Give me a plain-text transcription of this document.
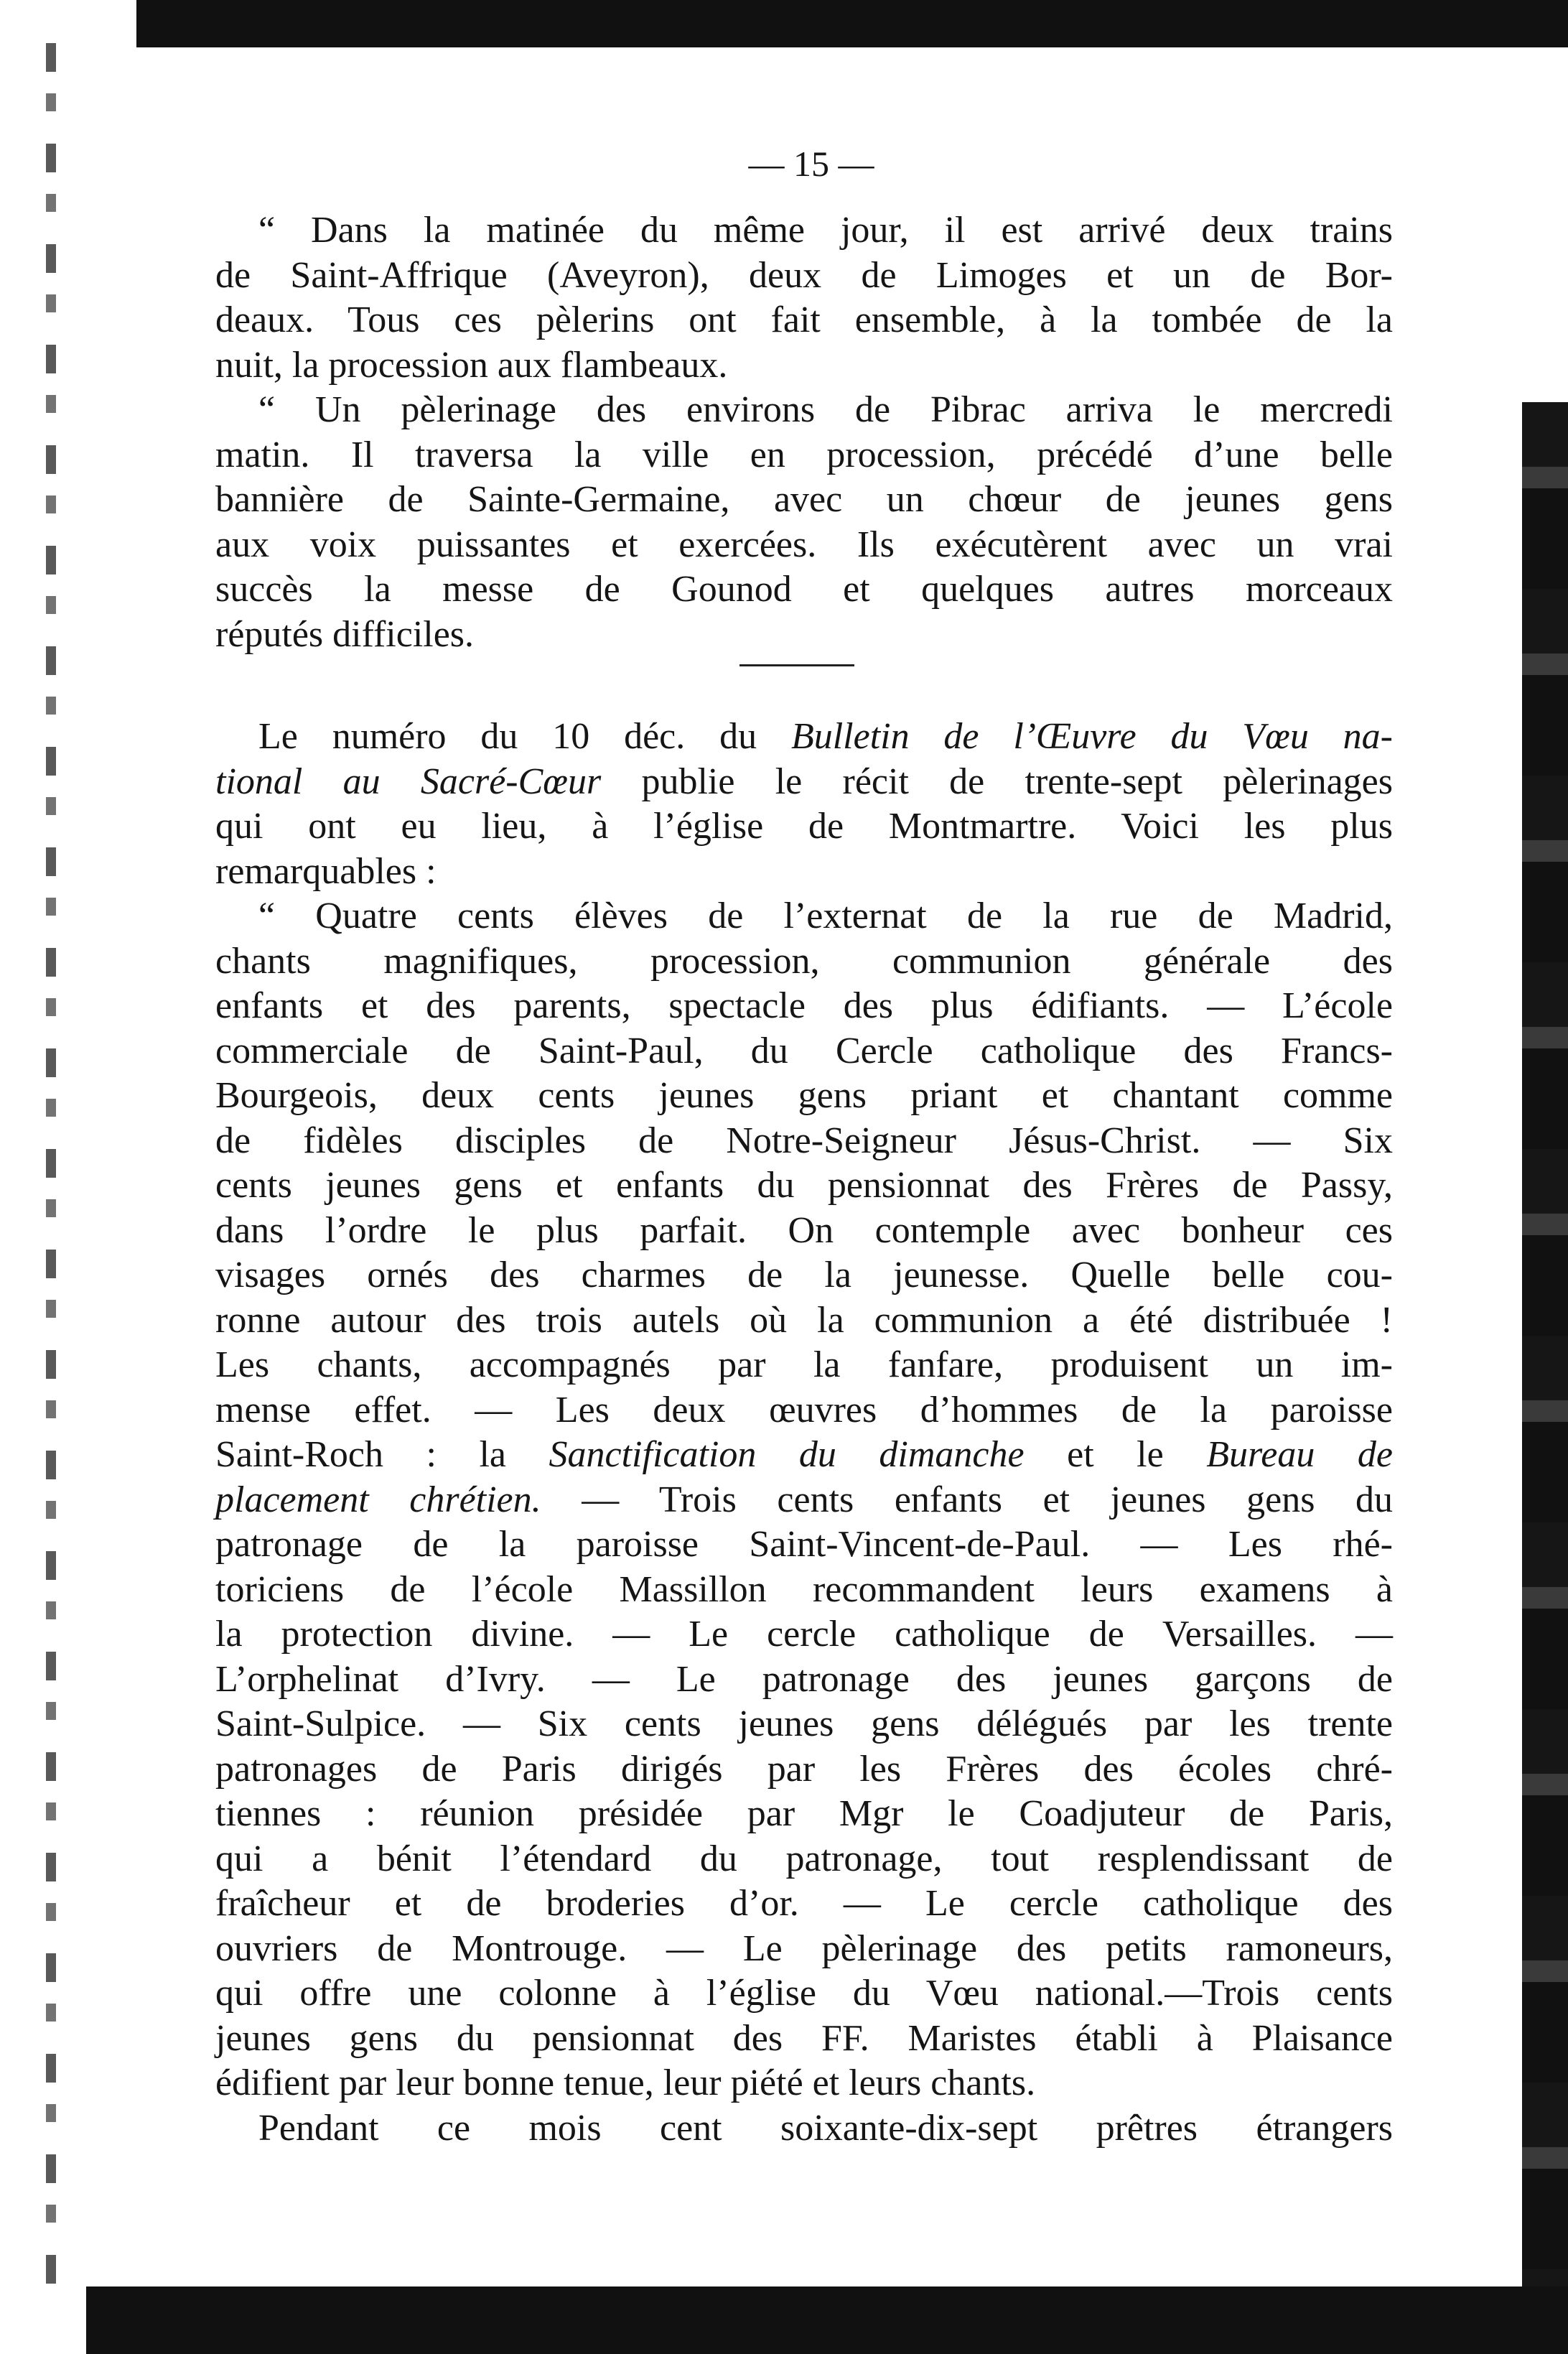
— 15 —
“ Dans la matinée du même jour, il est arrivé deux trains
de Saint-Affrique (Aveyron), deux de Limoges et un de Bor-
deaux. Tous ces pèlerins ont fait ensemble, à la tombée de la
nuit, la procession aux flambeaux.
“ Un pèlerinage des environs de Pibrac arriva le mercredi
matin. Il traversa la ville en procession, précédé d’une belle
bannière de Sainte-Germaine, avec un chœur de jeunes gens
aux voix puissantes et exercées. Ils exécutèrent avec un vrai
succès la messe de Gounod et quelques autres morceaux
réputés difficiles.
Le numéro du 10 déc. du Bulletin de l’Œuvre du Vœu na-
tional au Sacré-Cœur publie le récit de trente-sept pèlerinages
qui ont eu lieu, à l’église de Montmartre. Voici les plus
remarquables :
“ Quatre cents élèves de l’externat de la rue de Madrid,
chants magnifiques, procession, communion générale des
enfants et des parents, spectacle des plus édifiants. — L’école
commerciale de Saint-Paul, du Cercle catholique des Francs-
Bourgeois, deux cents jeunes gens priant et chantant comme
de fidèles disciples de Notre-Seigneur Jésus-Christ. — Six
cents jeunes gens et enfants du pensionnat des Frères de Passy,
dans l’ordre le plus parfait. On contemple avec bonheur ces
visages ornés des charmes de la jeunesse. Quelle belle cou-
ronne autour des trois autels où la communion a été distribuée !
Les chants, accompagnés par la fanfare, produisent un im-
mense effet. — Les deux œuvres d’hommes de la paroisse
Saint-Roch : la Sanctification du dimanche et le Bureau de
placement chrétien. — Trois cents enfants et jeunes gens du
patronage de la paroisse Saint-Vincent-de-Paul. — Les rhé-
toriciens de l’école Massillon recommandent leurs examens à
la protection divine. — Le cercle catholique de Versailles. —
L’orphelinat d’Ivry. — Le patronage des jeunes garçons de
Saint-Sulpice. — Six cents jeunes gens délégués par les trente
patronages de Paris dirigés par les Frères des écoles chré-
tiennes : réunion présidée par Mgr le Coadjuteur de Paris,
qui a bénit l’étendard du patronage, tout resplendissant de
fraîcheur et de broderies d’or. — Le cercle catholique des
ouvriers de Montrouge. — Le pèlerinage des petits ramoneurs,
qui offre une colonne à l’église du Vœu national.—Trois cents
jeunes gens du pensionnat des FF. Maristes établi à Plaisance
édifient par leur bonne tenue, leur piété et leurs chants.
Pendant ce mois cent soixante-dix-sept prêtres étrangers
